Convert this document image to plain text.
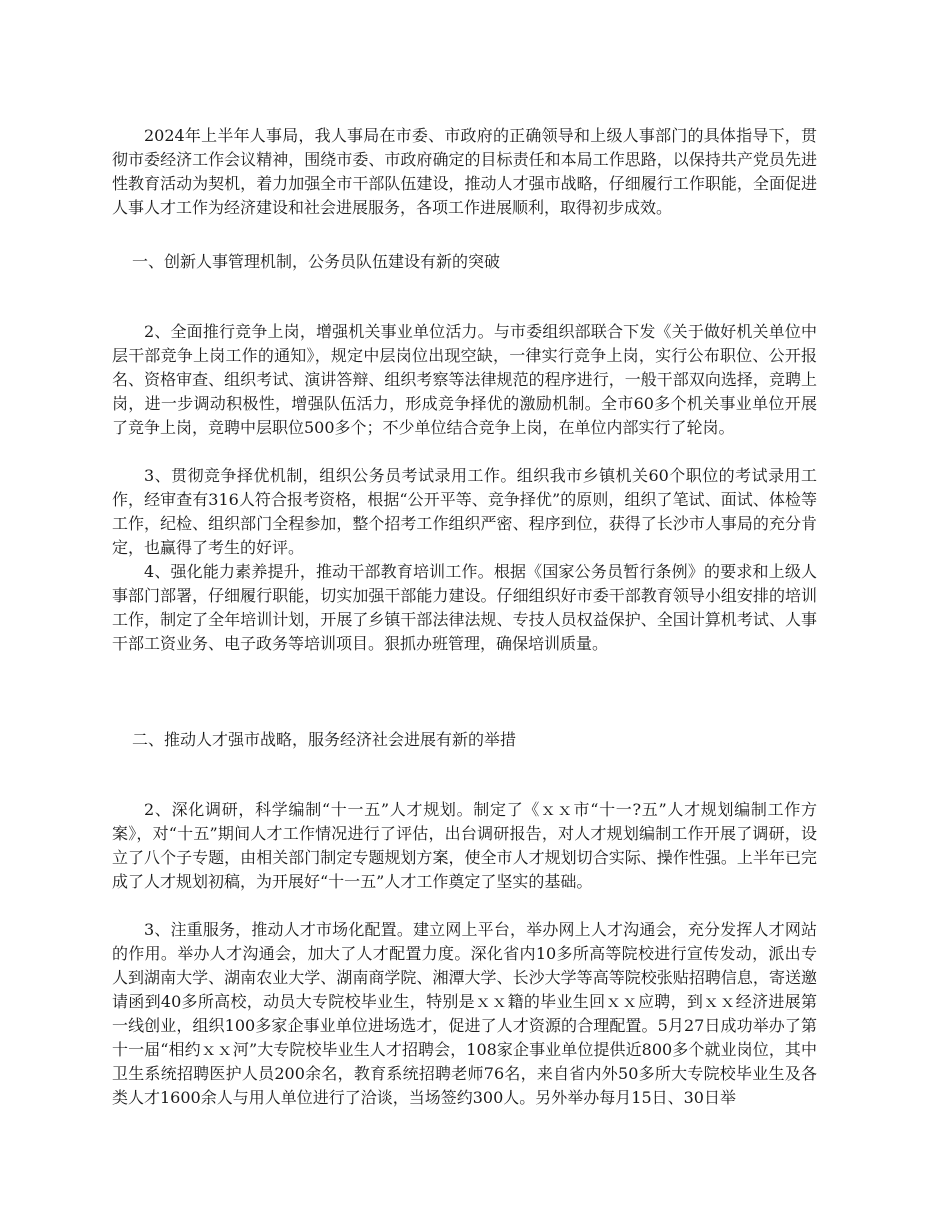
2024年上半年人事局，我人事局在市委、市政府的正确领导和上级人事部门的具体指导下，贯彻市委经济工作会议精神，围绕市委、市政府确定的目标责任和本局工作思路，以保持共产党员先进性教育活动为契机，着力加强全市干部队伍建设，推动人才强市战略，仔细履行工作职能，全面促进人事人才工作为经济建设和社会进展服务，各项工作进展顺利，取得初步成效。

一、创新人事管理机制，公务员队伍建设有新的突破

2、全面推行竞争上岗，增强机关事业单位活力。与市委组织部联合下发《关于做好机关单位中层干部竞争上岗工作的通知》，规定中层岗位出现空缺，一律实行竞争上岗，实行公布职位、公开报名、资格审查、组织考试、演讲答辩、组织考察等法律规范的程序进行，一般干部双向选择，竞聘上岗，进一步调动积极性，增强队伍活力，形成竞争择优的激励机制。全市60多个机关事业单位开展了竞争上岗，竞聘中层职位500多个；不少单位结合竞争上岗，在单位内部实行了轮岗。

3、贯彻竞争择优机制，组织公务员考试录用工作。组织我市乡镇机关60个职位的考试录用工作，经审查有316人符合报考资格，根据“公开平等、竞争择优”的原则，组织了笔试、面试、体检等工作，纪检、组织部门全程参加，整个招考工作组织严密、程序到位，获得了长沙市人事局的充分肯定，也赢得了考生的好评。

4、强化能力素养提升，推动干部教育培训工作。根据《国家公务员暂行条例》的要求和上级人事部门部署，仔细履行职能，切实加强干部能力建设。仔细组织好市委干部教育领导小组安排的培训工作，制定了全年培训计划，开展了乡镇干部法律法规、专技人员权益保护、全国计算机考试、人事干部工资业务、电子政务等培训项目。狠抓办班管理，确保培训质量。

二、推动人才强市战略，服务经济社会进展有新的举措

2、深化调研，科学编制“十一五”人才规划。制定了《ｘｘ市“十一?五”人才规划编制工作方案》，对“十五”期间人才工作情况进行了评估，出台调研报告，对人才规划编制工作开展了调研，设立了八个子专题，由相关部门制定专题规划方案，使全市人才规划切合实际、操作性强。上半年已完成了人才规划初稿，为开展好“十一五”人才工作奠定了坚实的基础。

3、注重服务，推动人才市场化配置。建立网上平台，举办网上人才沟通会，充分发挥人才网站的作用。举办人才沟通会，加大了人才配置力度。深化省内10多所高等院校进行宣传发动，派出专人到湖南大学、湖南农业大学、湖南商学院、湘潭大学、长沙大学等高等院校张贴招聘信息，寄送邀请函到40多所高校，动员大专院校毕业生，特别是ｘｘ籍的毕业生回ｘｘ应聘，到ｘｘ经济进展第一线创业，组织100多家企事业单位进场选才，促进了人才资源的合理配置。5月27日成功举办了第十一届“相约ｘｘ河”大专院校毕业生人才招聘会，108家企事业单位提供近800多个就业岗位，其中卫生系统招聘医护人员200余名，教育系统招聘老师76名，来自省内外50多所大专院校毕业生及各类人才1600余人与用人单位进行了洽谈，当场签约300人。另外举办每月15日、30日举
